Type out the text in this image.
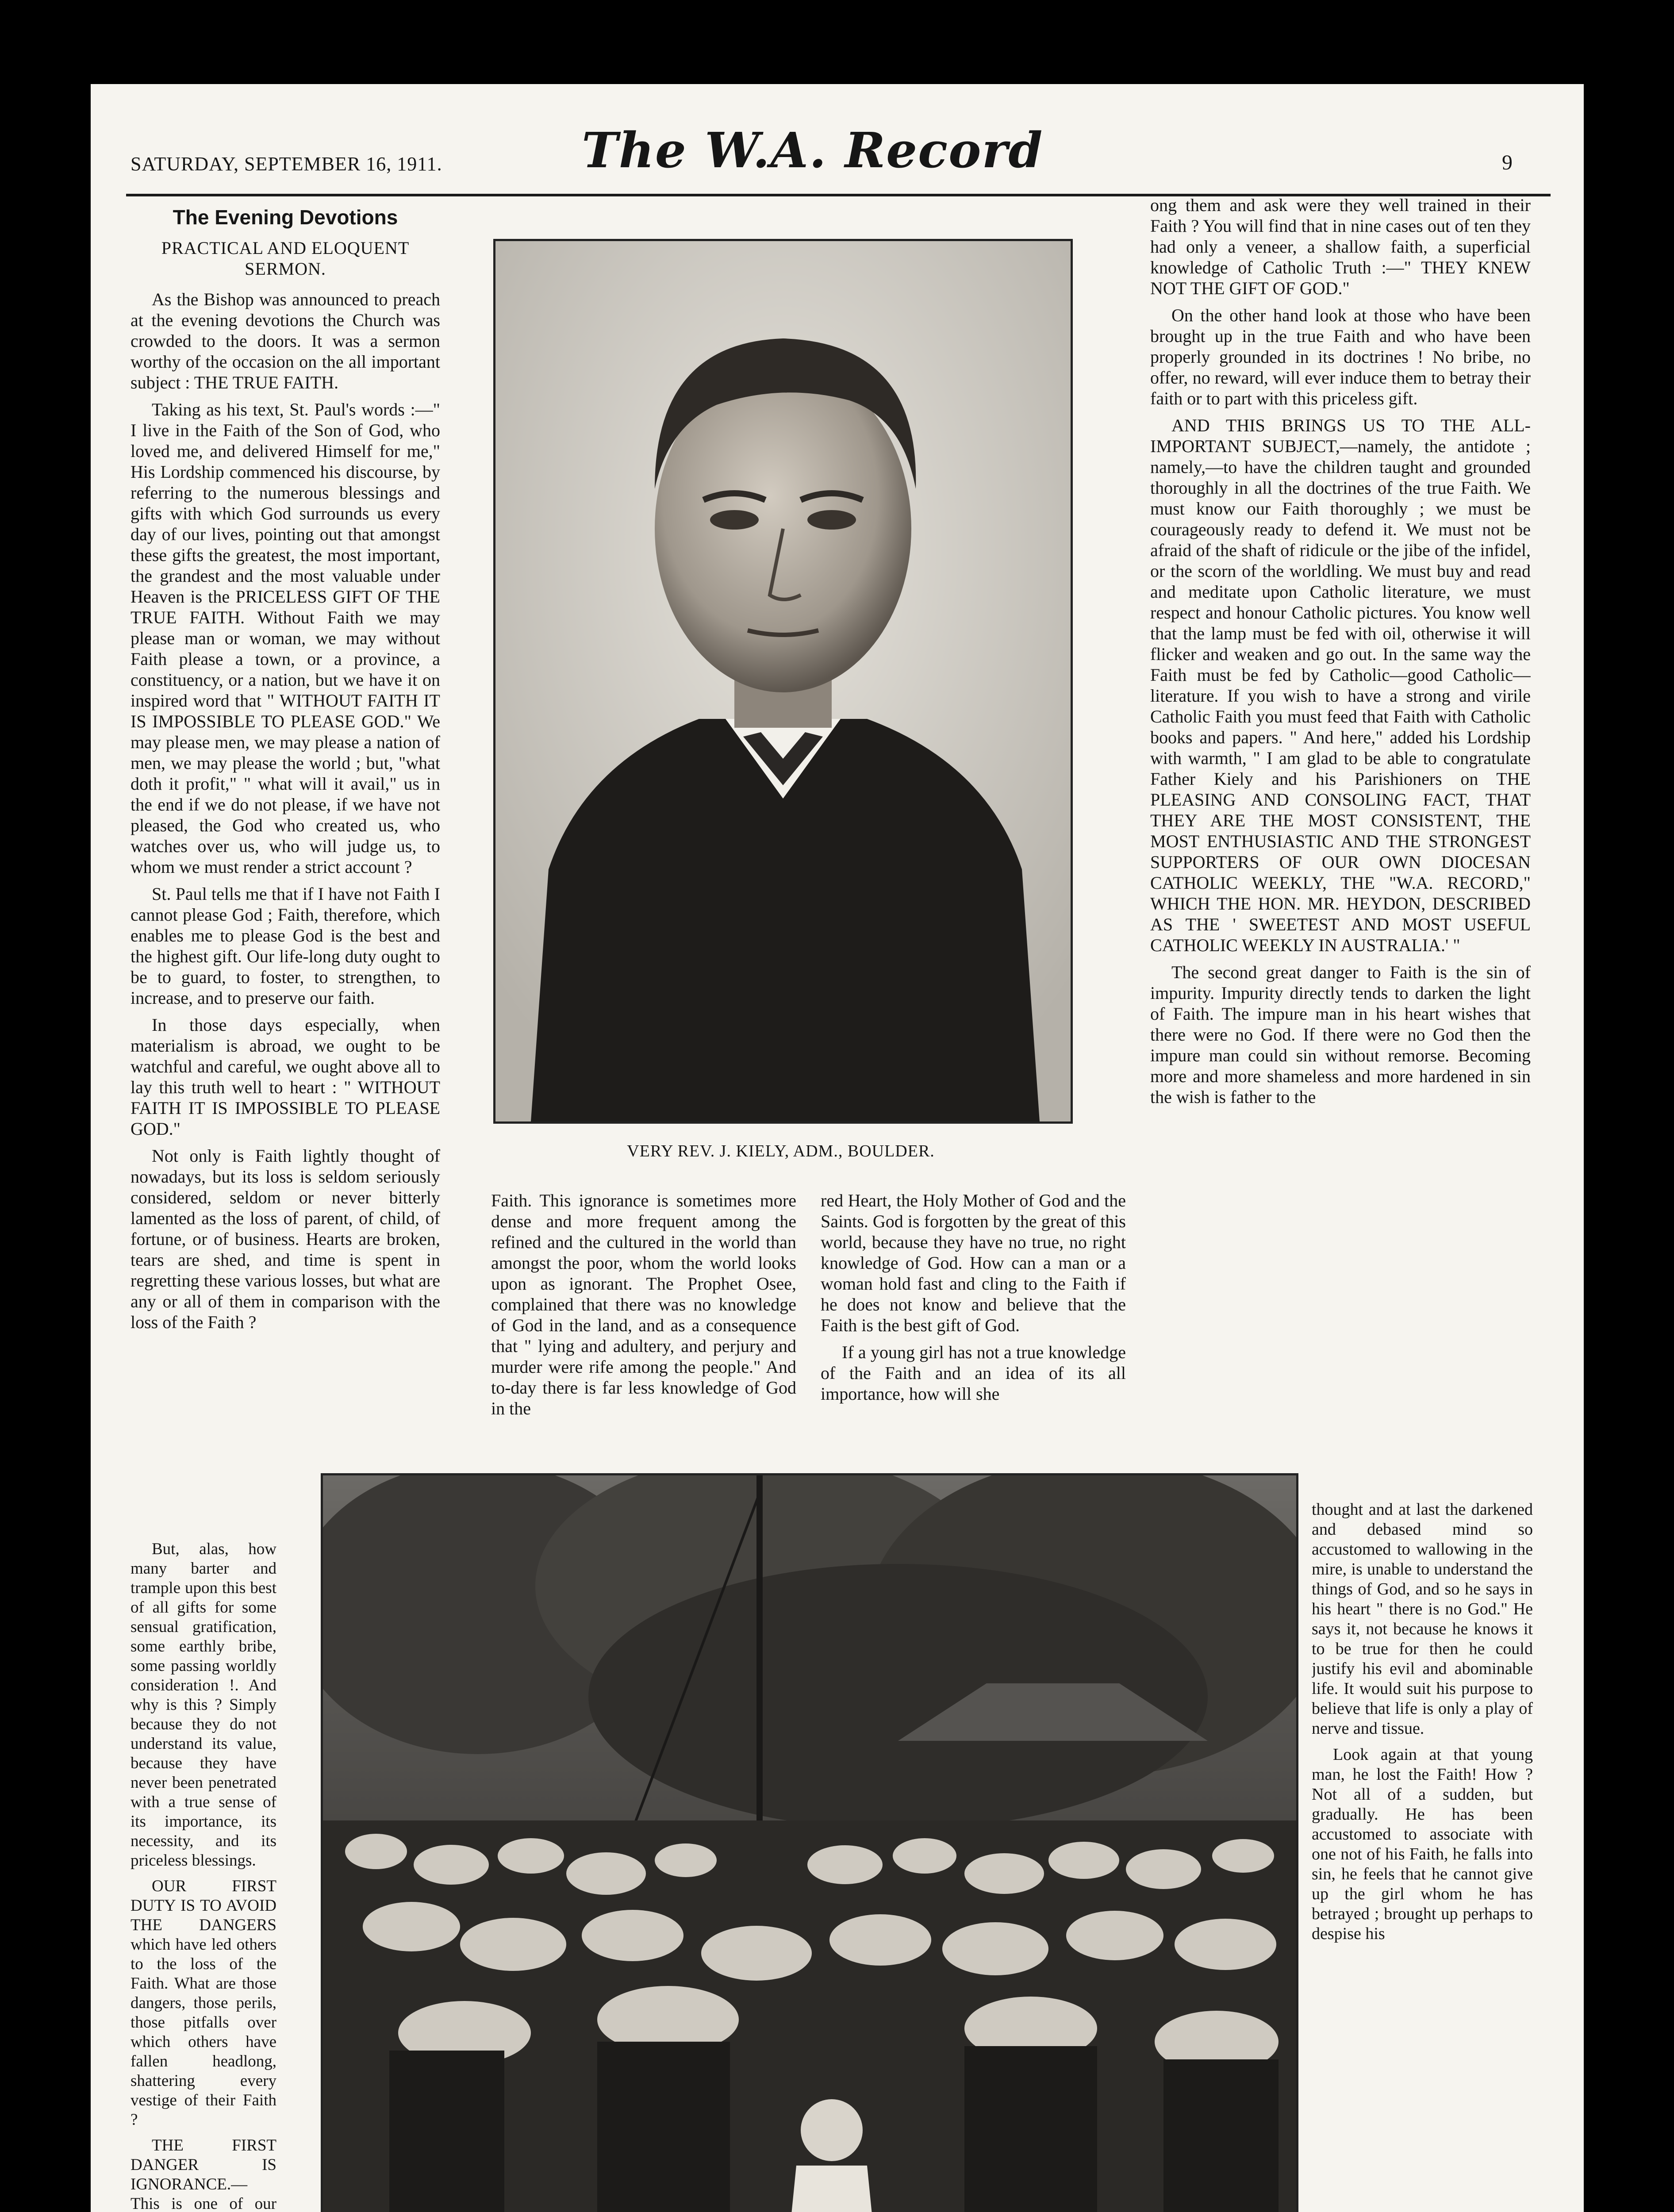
SATURDAY, SEPTEMBER 16, 1911.	The W.A. Record	9
The Evening Devotions
PRACTICAL AND ELOQUENT SERMON.

As the Bishop was announced to preach at the evening devotions the Church was crowded to the doors. It was a sermon worthy of the occasion on the all important subject : THE TRUE FAITH.

Taking as his text, St. Paul's words :—" I live in the Faith of the Son of God, who loved me, and delivered Himself for me," His Lordship commenced his discourse, by referring to the numerous blessings and gifts with which God surrounds us every day of our lives, pointing out that amongst these gifts the greatest, the most important, the grandest and the most valuable under Heaven is the PRICELESS GIFT OF THE TRUE FAITH. Without Faith we may please man or woman, we may without Faith please a town, or a province, a constituency, or a nation, but we have it on inspired word that " WITHOUT FAITH IT IS IMPOSSIBLE TO PLEASE GOD." We may please men, we may please a nation of men, we may please the world ; but, "what doth it profit," " what will it avail," us in the end if we do not please, if we have not pleased, the God who created us, who watches over us, who will judge us, to whom we must render a strict account ?

St. Paul tells me that if I have not Faith I cannot please God ; Faith, therefore, which enables me to please God is the best and the highest gift. Our life-long duty ought to be to guard, to foster, to strengthen, to increase, and to preserve our faith.

In those days especially, when materialism is abroad, we ought to be watchful and careful, we ought above all to lay this truth well to heart : " WITHOUT FAITH IT IS IMPOSSIBLE TO PLEASE GOD."

Not only is Faith lightly thought of nowadays, but its loss is seldom seriously considered, seldom or never bitterly lamented as the loss of parent, of child, of fortune, or of business. Hearts are broken, tears are shed, and time is spent in regretting these various losses, but what are any or all of them in comparison with the loss of the Faith ?

But, alas, how many barter and trample upon this best of all gifts for some sensual gratification, some earthly bribe, some passing worldly consideration !. And why is this ? Simply because they do not understand its value, because they have never been penetrated with a true sense of its importance, its necessity, and its priceless blessings.

OUR FIRST DUTY IS TO AVOID THE DANGERS which have led others to the loss of the Faith. What are those dangers, those perils, those pitfalls over which others have fallen headlong, shattering every vestige of their Faith ?

THE FIRST DANGER IS IGNORANCE.— This is one of our

VERY REV. J. KIELY, ADM., BOULDER.

Faith. This ignorance is sometimes more dense and more frequent among the refined and the cultured in the world than amongst the poor, whom the world looks upon as ignorant. The Prophet Osee, complained that there was no knowledge of God in the land, and as a consequence that " lying and adultery, and perjury and murder were rife among the people." And to-day there is far less knowledge of God in the

red Heart, the Holy Mother of God and the Saints. God is forgotten by the great of this world, because they have no true, no right knowledge of God. How can a man or a woman hold fast and cling to the Faith if he does not know and believe that the Faith is the best gift of God.

If a young girl has not a true knowledge of the Faith and an idea of its all importance, how will she

ong them and ask were they well trained in their Faith ? You will find that in nine cases out of ten they had only a veneer, a shallow faith, a superficial knowledge of Catholic Truth :—" THEY KNEW NOT THE GIFT OF GOD."

On the other hand look at those who have been brought up in the true Faith and who have been properly grounded in its doctrines ! No bribe, no offer, no reward, will ever induce them to betray their faith or to part with this priceless gift.

AND THIS BRINGS US TO THE ALL-IMPORTANT SUBJECT,—namely, the antidote ; namely,—to have the children taught and grounded thoroughly in all the doctrines of the true Faith. We must know our Faith thoroughly ; we must be courageously ready to defend it. We must not be afraid of the shaft of ridicule or the jibe of the infidel, or the scorn of the worldling. We must buy and read and meditate upon Catholic literature, we must respect and honour Catholic pictures. You know well that the lamp must be fed with oil, otherwise it will flicker and weaken and go out. In the same way the Faith must be fed by Catholic—good Catholic—literature. If you wish to have a strong and virile Catholic Faith you must feed that Faith with Catholic books and papers. " And here," added his Lordship with warmth, " I am glad to be able to congratulate Father Kiely and his Parishioners on THE PLEASING AND CONSOLING FACT, THAT THEY ARE THE MOST CONSISTENT, THE MOST ENTHUSIASTIC AND THE STRONGEST SUPPORTERS OF OUR OWN DIOCESAN CATHOLIC WEEKLY, THE "W.A. RECORD," WHICH THE HON. MR. HEYDON, DESCRIBED AS THE ' SWEETEST AND MOST USEFUL CATHOLIC WEEKLY IN AUSTRALIA.' "

The second great danger to Faith is the sin of impurity. Impurity directly tends to darken the light of Faith. The impure man in his heart wishes that there were no God. If there were no God then the impure man could sin without remorse. Becoming more and more shameless and more hardened in sin the wish is father to the

thought and at last the darkened and debased mind so accustomed to wallowing in the mire, is unable to understand the things of God, and so he says in his heart " there is no God." He says it, not because he knows it to be true for then he could justify his evil and abominable life. It would suit his purpose to believe that life is only a play of nerve and tissue.

Look again at that young man, he lost the Faith! How ? Not all of a sudden, but gradually. He has been accustomed to associate with one not of his Faith, he falls into sin, he feels that he cannot give up the girl whom he has betrayed ; brought up perhaps to despise his
